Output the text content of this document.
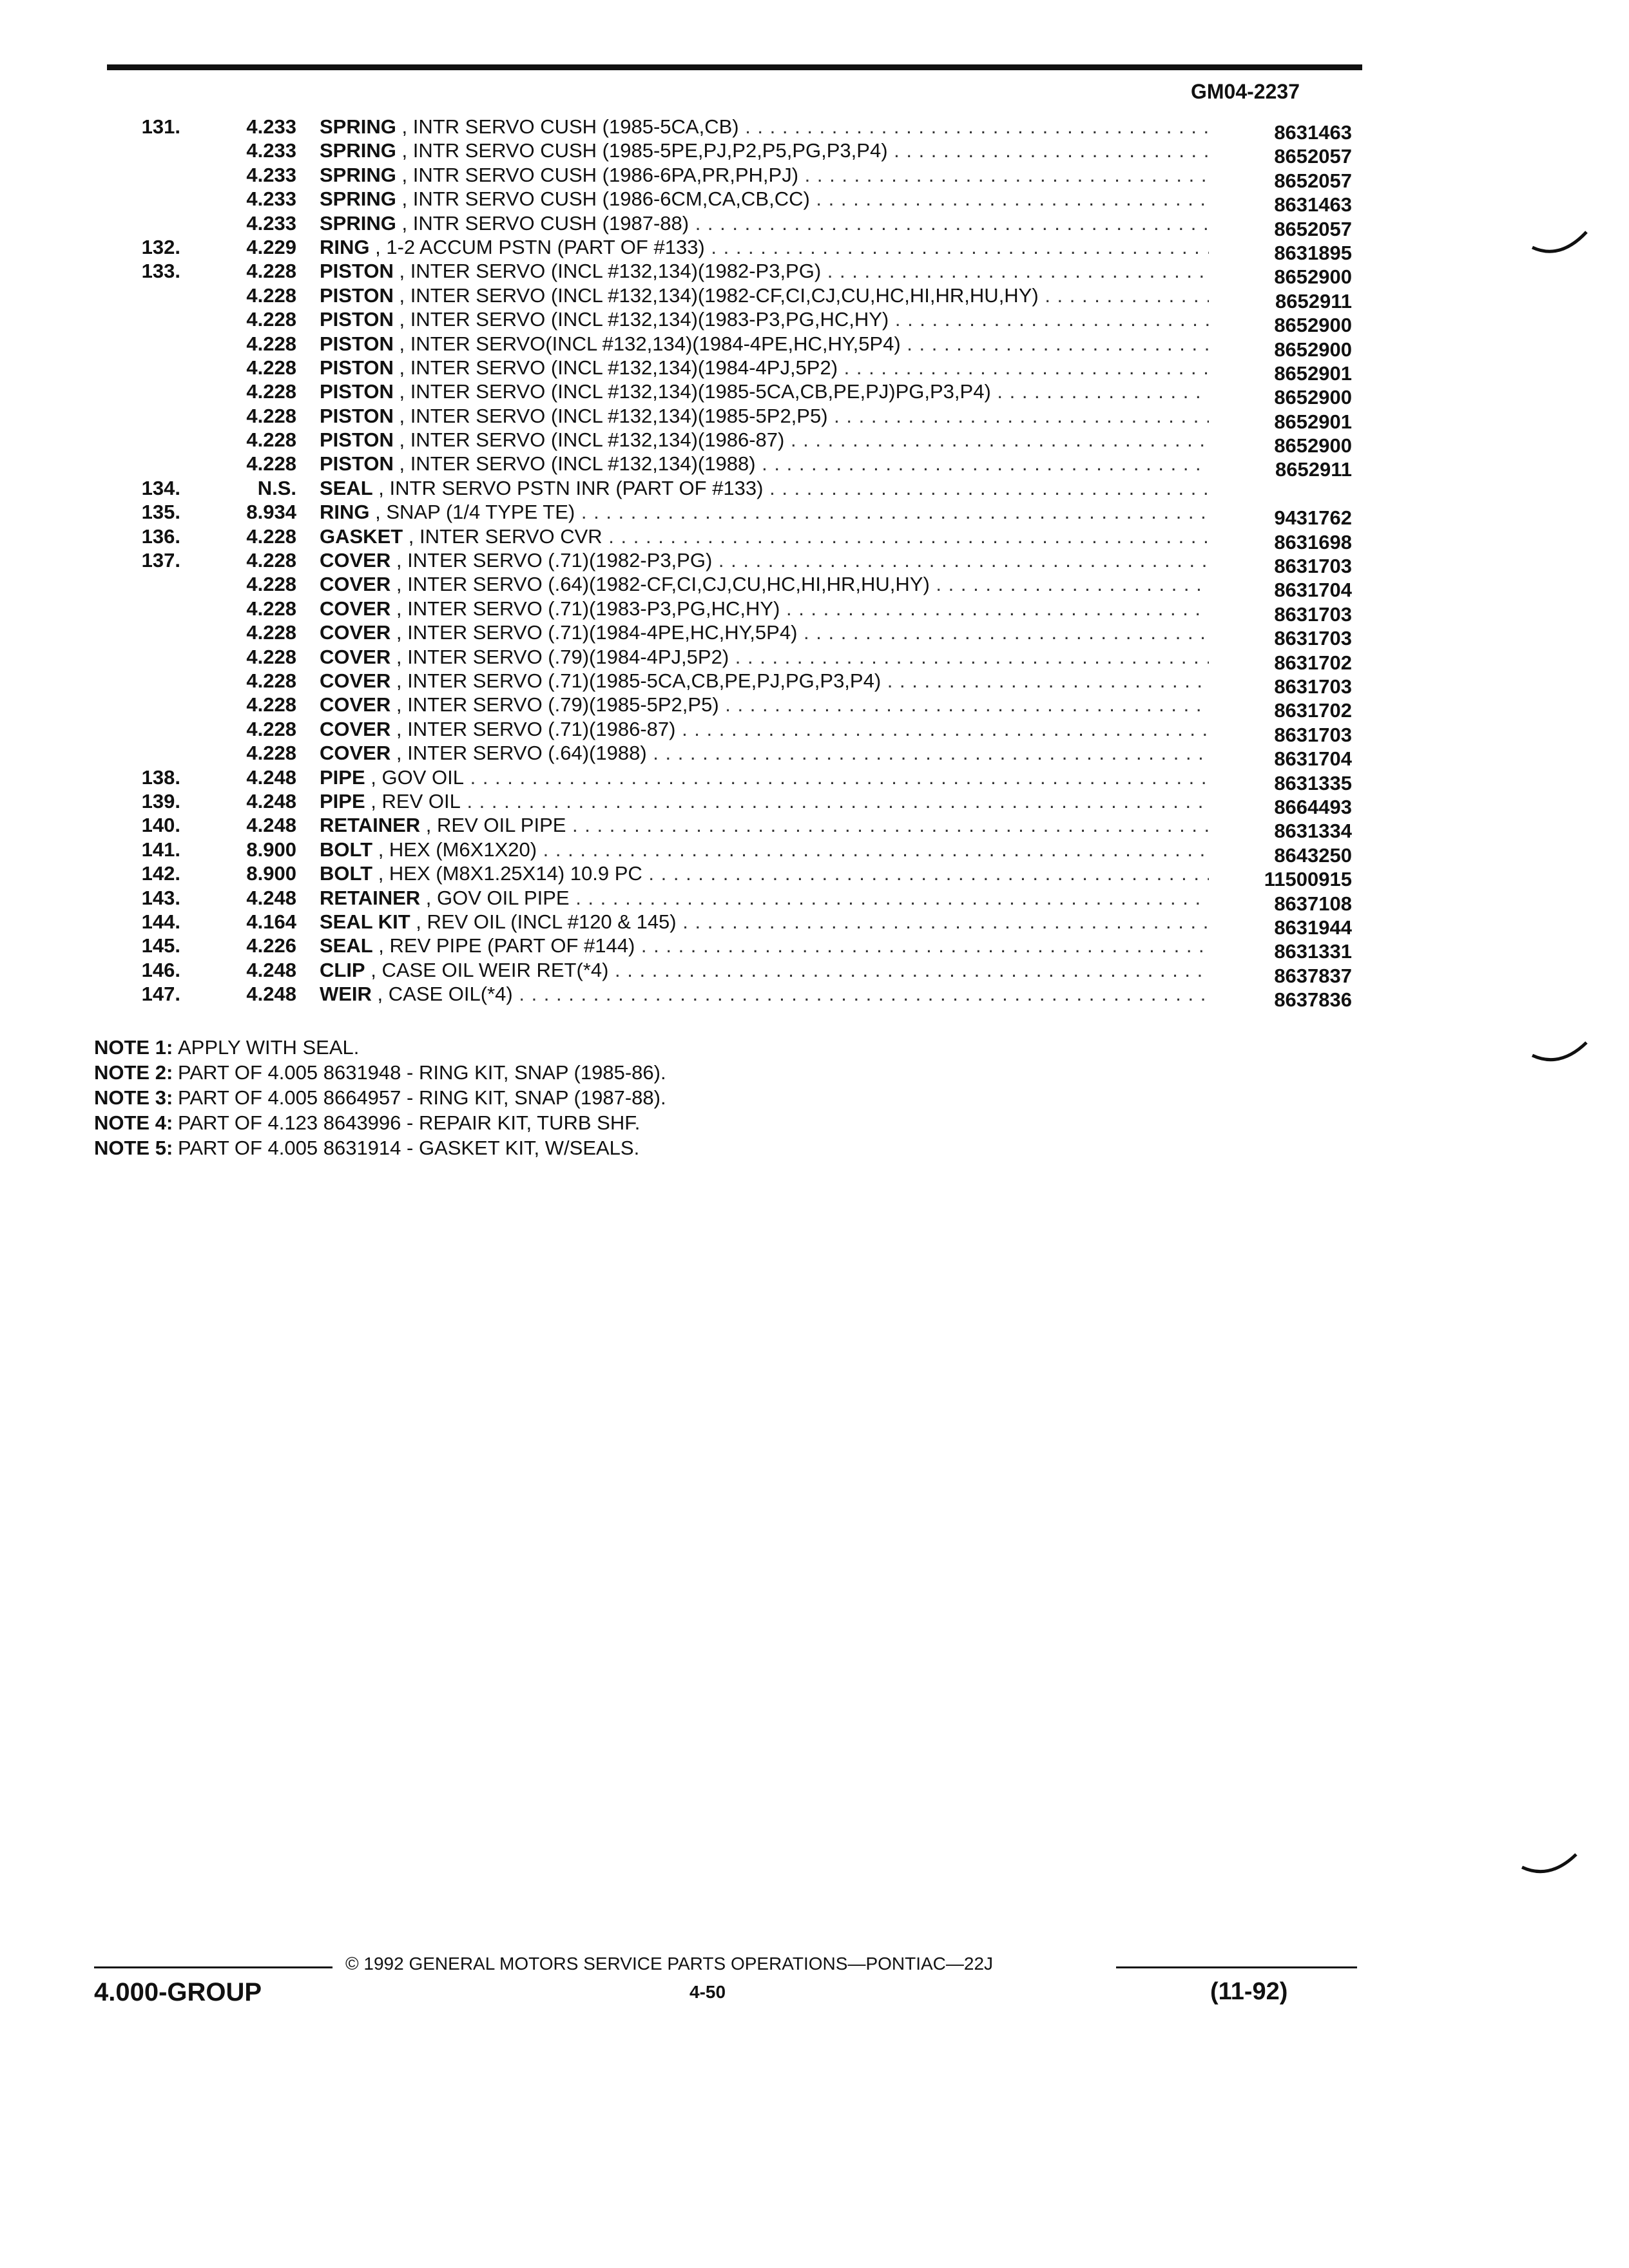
GM04-2237
131.	4.233 SPRING , INTR SERVO CUSH (1985-5CA,CB) . . .	8631463
4.233 SPRING , INTR SERVO CUSH (1985-5PE,PJ,P2,P5,PG,P3,P4) . . .	8652057
4.233 SPRING , INTR SERVO CUSH (1986-6PA,PR,PH,PJ) . . .	8652057
4.233 SPRING , INTR SERVO CUSH (1986-6CM,CA,CB,CC) . . .	8631463
4.233 SPRING , INTR SERVO CUSH (1987-88) . . .	8652057
132.	4.229 RING , 1-2 ACCUM PSTN (PART OF #133) . . .	8631895
133.	4.228 PISTON , INTER SERVO (INCL #132,134)(1982-P3,PG) . . .	8652900
4.228 PISTON , INTER SERVO (INCL #132,134)(1982-CF,CI,CJ,CU,HC,HI,HR,HU,HY) . . .	8652911
4.228 PISTON , INTER SERVO (INCL #132,134)(1983-P3,PG,HC,HY) . . .	8652900
4.228 PISTON , INTER SERVO(INCL #132,134)(1984-4PE,HC,HY,5P4) . . .	8652900
4.228 PISTON , INTER SERVO (INCL #132,134)(1984-4PJ,5P2) . . .	8652901
4.228 PISTON , INTER SERVO (INCL #132,134)(1985-5CA,CB,PE,PJ)PG,P3,P4) . . .	8652900
4.228 PISTON , INTER SERVO (INCL #132,134)(1985-5P2,P5) . . .	8652901
4.228 PISTON , INTER SERVO (INCL #132,134)(1986-87) . . .	8652900
4.228 PISTON , INTER SERVO (INCL #132,134)(1988) . . .	8652911
134.	N.S. SEAL , INTR SERVO PSTN INR (PART OF #133) . . .
135.	8.934 RING , SNAP (1/4 TYPE TE) . . .	9431762
136.	4.228 GASKET , INTER SERVO CVR . . .	8631698
137.	4.228 COVER , INTER SERVO (.71)(1982-P3,PG) . . .	8631703
4.228 COVER , INTER SERVO (.64)(1982-CF,CI,CJ,CU,HC,HI,HR,HU,HY) . . .	8631704
4.228 COVER , INTER SERVO (.71)(1983-P3,PG,HC,HY) . . .	8631703
4.228 COVER , INTER SERVO (.71)(1984-4PE,HC,HY,5P4) . . .	8631703
4.228 COVER , INTER SERVO (.79)(1984-4PJ,5P2) . . .	8631702
4.228 COVER , INTER SERVO (.71)(1985-5CA,CB,PE,PJ,PG,P3,P4) . . .	8631703
4.228 COVER , INTER SERVO (.79)(1985-5P2,P5) . . .	8631702
4.228 COVER , INTER SERVO (.71)(1986-87) . . .	8631703
4.228 COVER , INTER SERVO (.64)(1988) . . .	8631704
138.	4.248 PIPE , GOV OIL . . .	8631335
139.	4.248 PIPE , REV OIL . . .	8664493
140.	4.248 RETAINER , REV OIL PIPE . . .	8631334
141.	8.900 BOLT , HEX (M6X1X20) . . .	8643250
142.	8.900 BOLT , HEX (M8X1.25X14) 10.9 PC . . .	11500915
143.	4.248 RETAINER , GOV OIL PIPE . . .	8637108
144.	4.164 SEAL KIT , REV OIL (INCL #120 & 145) . . .	8631944
145.	4.226 SEAL , REV PIPE (PART OF #144) . . .	8631331
146.	4.248 CLIP , CASE OIL WEIR RET(*4) . . .	8637837
147.	4.248 WEIR , CASE OIL(*4) . . .	8637836
NOTE 1: APPLY WITH SEAL.
NOTE 2: PART OF 4.005 8631948 - RING KIT, SNAP (1985-86).
NOTE 3: PART OF 4.005 8664957 - RING KIT, SNAP (1987-88).
NOTE 4: PART OF 4.123 8643996 - REPAIR KIT, TURB SHF.
NOTE 5: PART OF 4.005 8631914 - GASKET KIT, W/SEALS.
© 1992 GENERAL MOTORS SERVICE PARTS OPERATIONS—PONTIAC—22J
4.000-GROUP	4-50	(11-92)
